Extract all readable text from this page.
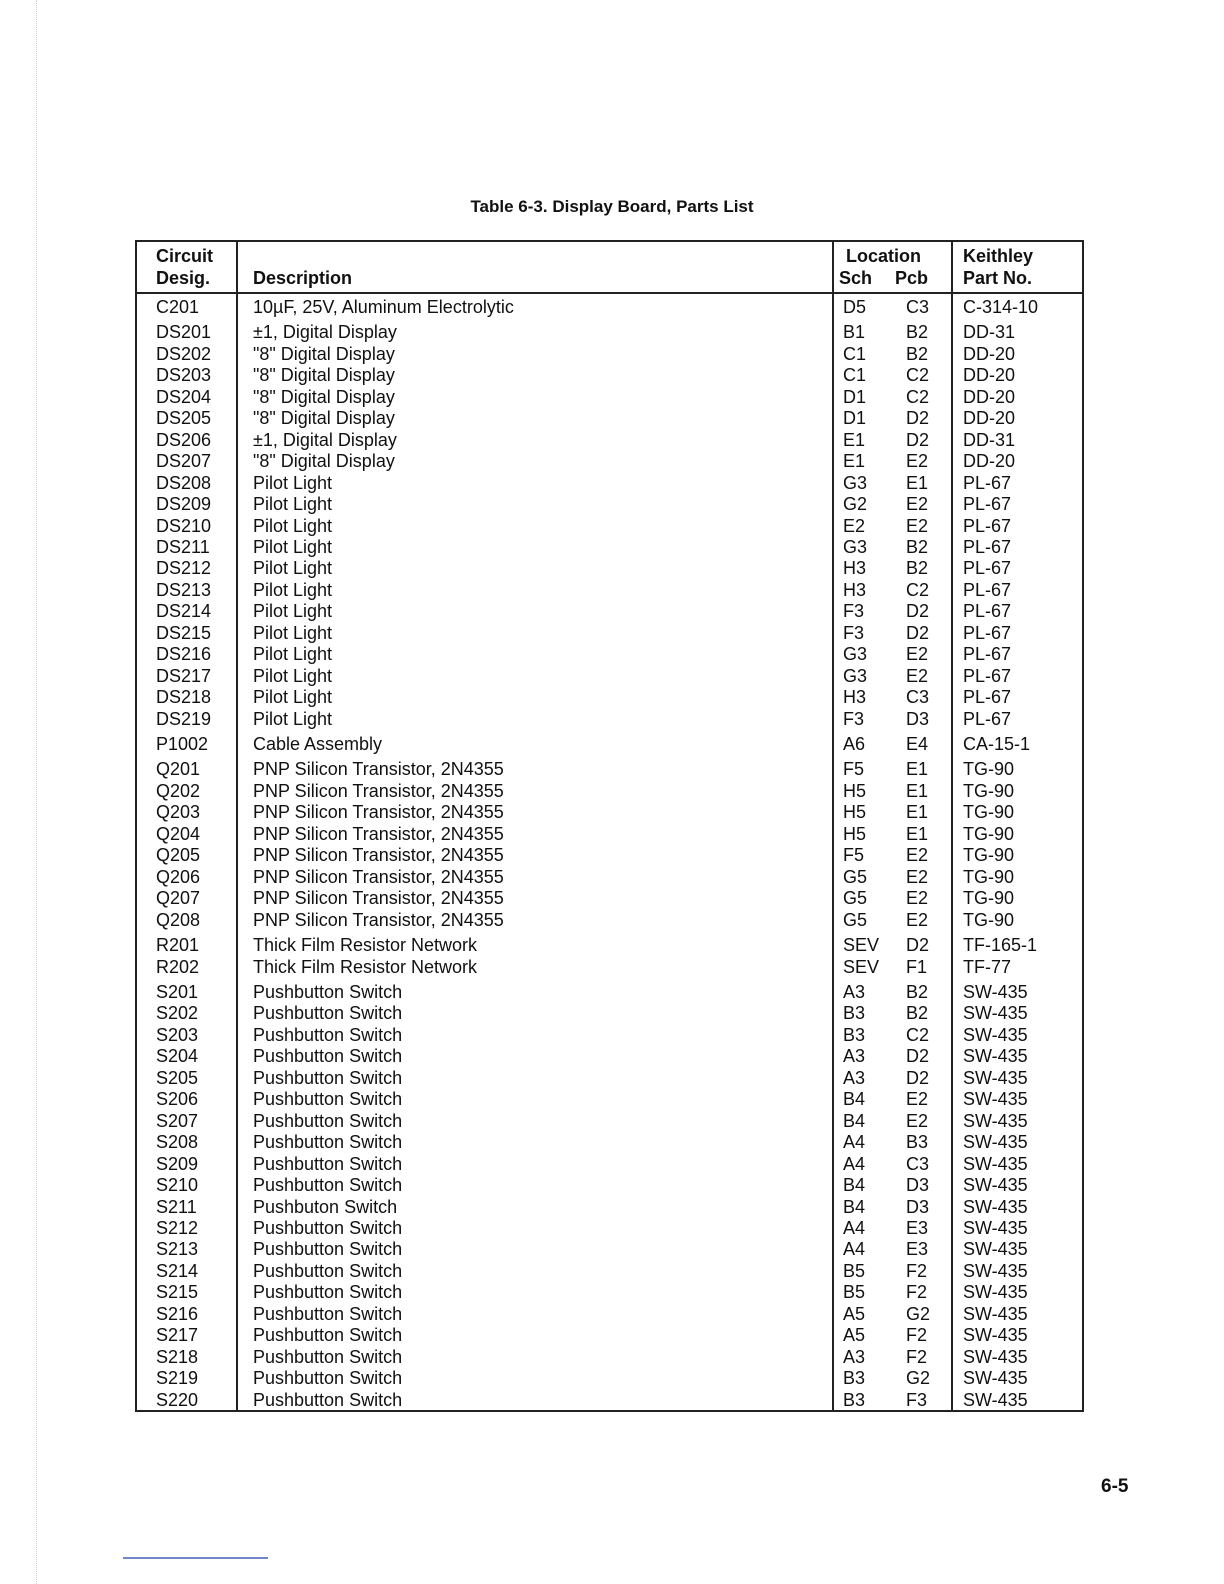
Table 6-3. Display Board, Parts List
Circuit
Desig. Description
Location
Sch Pcb
Keithley
Part No.
C201
DS201
DS202
DS203
DS204
DS205
DS206
DS207
DS208
DS209
DS210
DS211
DS212
DS213
DS214
DS215
DS216
DS217
DS218
DS219
P1002
Q201
Q202
Q203
Q204
Q205
Q206
Q207
Q208
R201
R202
S201
S202
S203
S204
S205
S206
S207
S208
S209
S210
S211
S212
S213
S214
S215
S216
S217
S218
S219
S220
10µF, 25V, Aluminum Electrolytic
±1, Digital Display
"8" Digital Display
"8" Digital Display
"8" Digital Display
"8" Digital Display
±1, Digital Display
"8" Digital Display
Pilot Light
Pilot Light
Pilot Light
Pilot Light
Pilot Light
Pilot Light
Pilot Light
Pilot Light
Pilot Light
Pilot Light
Pilot Light
Pilot Light
Cable Assembly
PNP Silicon Transistor, 2N4355
PNP Silicon Transistor, 2N4355
PNP Silicon Transistor, 2N4355
PNP Silicon Transistor, 2N4355
PNP Silicon Transistor, 2N4355
PNP Silicon Transistor, 2N4355
PNP Silicon Transistor, 2N4355
PNP Silicon Transistor, 2N4355
Thick Film Resistor Network
Thick Film Resistor Network
Pushbutton Switch
Pushbutton Switch
Pushbutton Switch
Pushbutton Switch
Pushbutton Switch
Pushbutton Switch
Pushbutton Switch
Pushbutton Switch
Pushbutton Switch
Pushbutton Switch
Pushbuton Switch
Pushbutton Switch
Pushbutton Switch
Pushbutton Switch
Pushbutton Switch
Pushbutton Switch
Pushbutton Switch
Pushbutton Switch
Pushbutton Switch
Pushbutton Switch
D5 C3
B1 B2
C1 B2
C1 C2
D1 C2
D1 D2
E1 D2
E1 E2
G3 E1
G2 E2
E2 E2
G3 B2
H3 B2
H3 C2
F3 D2
F3 D2
G3 E2
G3 E2
H3 C3
F3 D3
A6 E4
F5 E1
H5 E1
H5 E1
H5 E1
F5 E2
G5 E2
G5 E2
G5 E2
SEV D2
SEV F1
A3 B2
B3 B2
B3 C2
A3 D2
A3 D2
B4 E2
B4 E2
A4 B3
A4 C3
B4 D3
B4 D3
A4 E3
A4 E3
B5 F2
B5 F2
A5 G2
A5 F2
A3 F2
B3 G2
B3 F3
C-314-10
DD-31
DD-20
DD-20
DD-20
DD-20
DD-31
DD-20
PL-67
PL-67
PL-67
PL-67
PL-67
PL-67
PL-67
PL-67
PL-67
PL-67
PL-67
PL-67
CA-15-1
TG-90
TG-90
TG-90
TG-90
TG-90
TG-90
TG-90
TG-90
TF-165-1
TF-77
SW-435
SW-435
SW-435
SW-435
SW-435
SW-435
SW-435
SW-435
SW-435
SW-435
SW-435
SW-435
SW-435
SW-435
SW-435
SW-435
SW-435
SW-435
SW-435
SW-435
6-5
